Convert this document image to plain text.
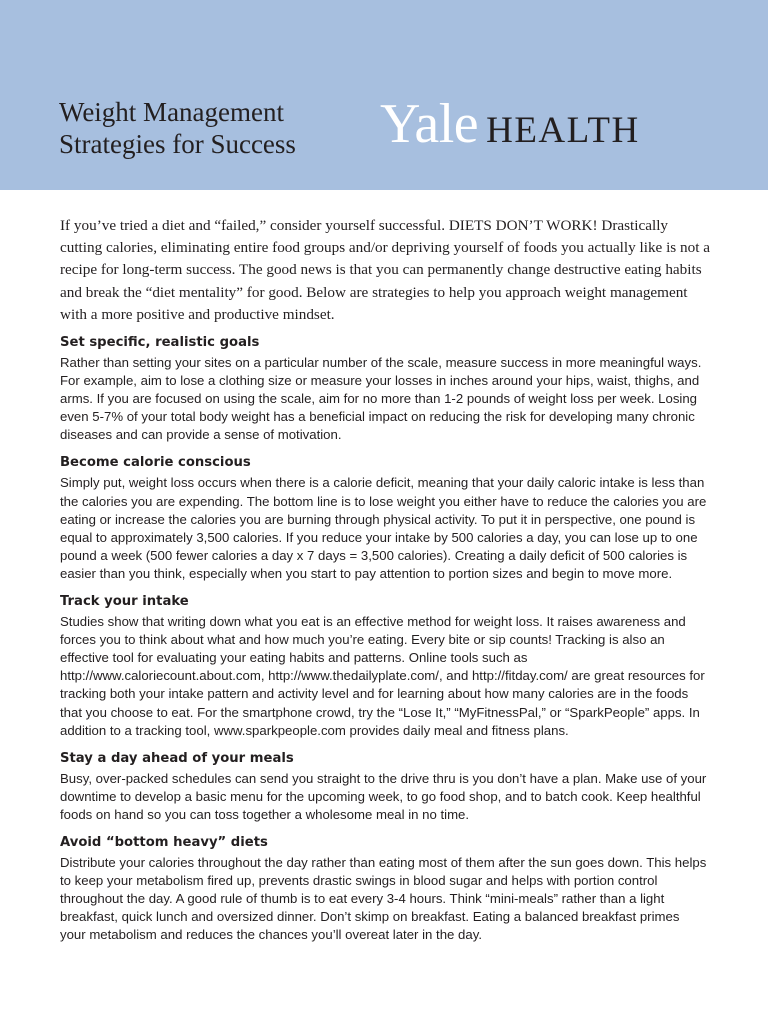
Weight Management
Strategies for Success Yale HEALTH

If you’ve tried a diet and “failed,” consider yourself successful. DIETS DON’T WORK! Drastically cutting calories, eliminating entire food groups and/or depriving yourself of foods you actually like is not a recipe for long-term success. The good news is that you can permanently change destructive eating habits and break the “diet mentality” for good. Below are strategies to help you approach weight management with a more positive and productive mindset.

Set specific, realistic goals

Rather than setting your sites on a particular number of the scale, measure success in more meaningful ways. For example, aim to lose a clothing size or measure your losses in inches around your hips, waist, thighs, and arms. If you are focused on using the scale, aim for no more than 1-2 pounds of weight loss per week. Losing even 5-7% of your total body weight has a beneficial impact on reducing the risk for developing many chronic diseases and can provide a sense of motivation.

Become calorie conscious

Simply put, weight loss occurs when there is a calorie deficit, meaning that your daily caloric intake is less than the calories you are expending. The bottom line is to lose weight you either have to reduce the calories you are eating or increase the calories you are burning through physical activity. To put it in perspective, one pound is equal to approximately 3,500 calories. If you reduce your intake by 500 calories a day, you can lose up to one pound a week (500 fewer calories a day x 7 days = 3,500 calories). Creating a daily deficit of 500 calories is easier than you think, especially when you start to pay attention to portion sizes and begin to move more.

Track your intake

Studies show that writing down what you eat is an effective method for weight loss. It raises awareness and forces you to think about what and how much you’re eating. Every bite or sip counts! Tracking is also an effective tool for evaluating your eating habits and patterns. Online tools such as http://www.caloriecount.about.com, http://www.thedailyplate.com/, and http://fitday.com/ are great resources for tracking both your intake pattern and activity level and for learning about how many calories are in the foods that you choose to eat. For the smartphone crowd, try the “Lose It,” “MyFitnessPal,” or “SparkPeople” apps. In addition to a tracking tool, www.sparkpeople.com provides daily meal and fitness plans.

Stay a day ahead of your meals

Busy, over-packed schedules can send you straight to the drive thru is you don’t have a plan. Make use of your downtime to develop a basic menu for the upcoming week, to go food shop, and to batch cook. Keep healthful foods on hand so you can toss together a wholesome meal in no time.

Avoid “bottom heavy” diets

Distribute your calories throughout the day rather than eating most of them after the sun goes down. This helps to keep your metabolism fired up, prevents drastic swings in blood sugar and helps with portion control throughout the day. A good rule of thumb is to eat every 3-4 hours. Think “mini-meals” rather than a light breakfast, quick lunch and oversized dinner. Don’t skimp on breakfast. Eating a balanced breakfast primes your metabolism and reduces the chances you’ll overeat later in the day.
